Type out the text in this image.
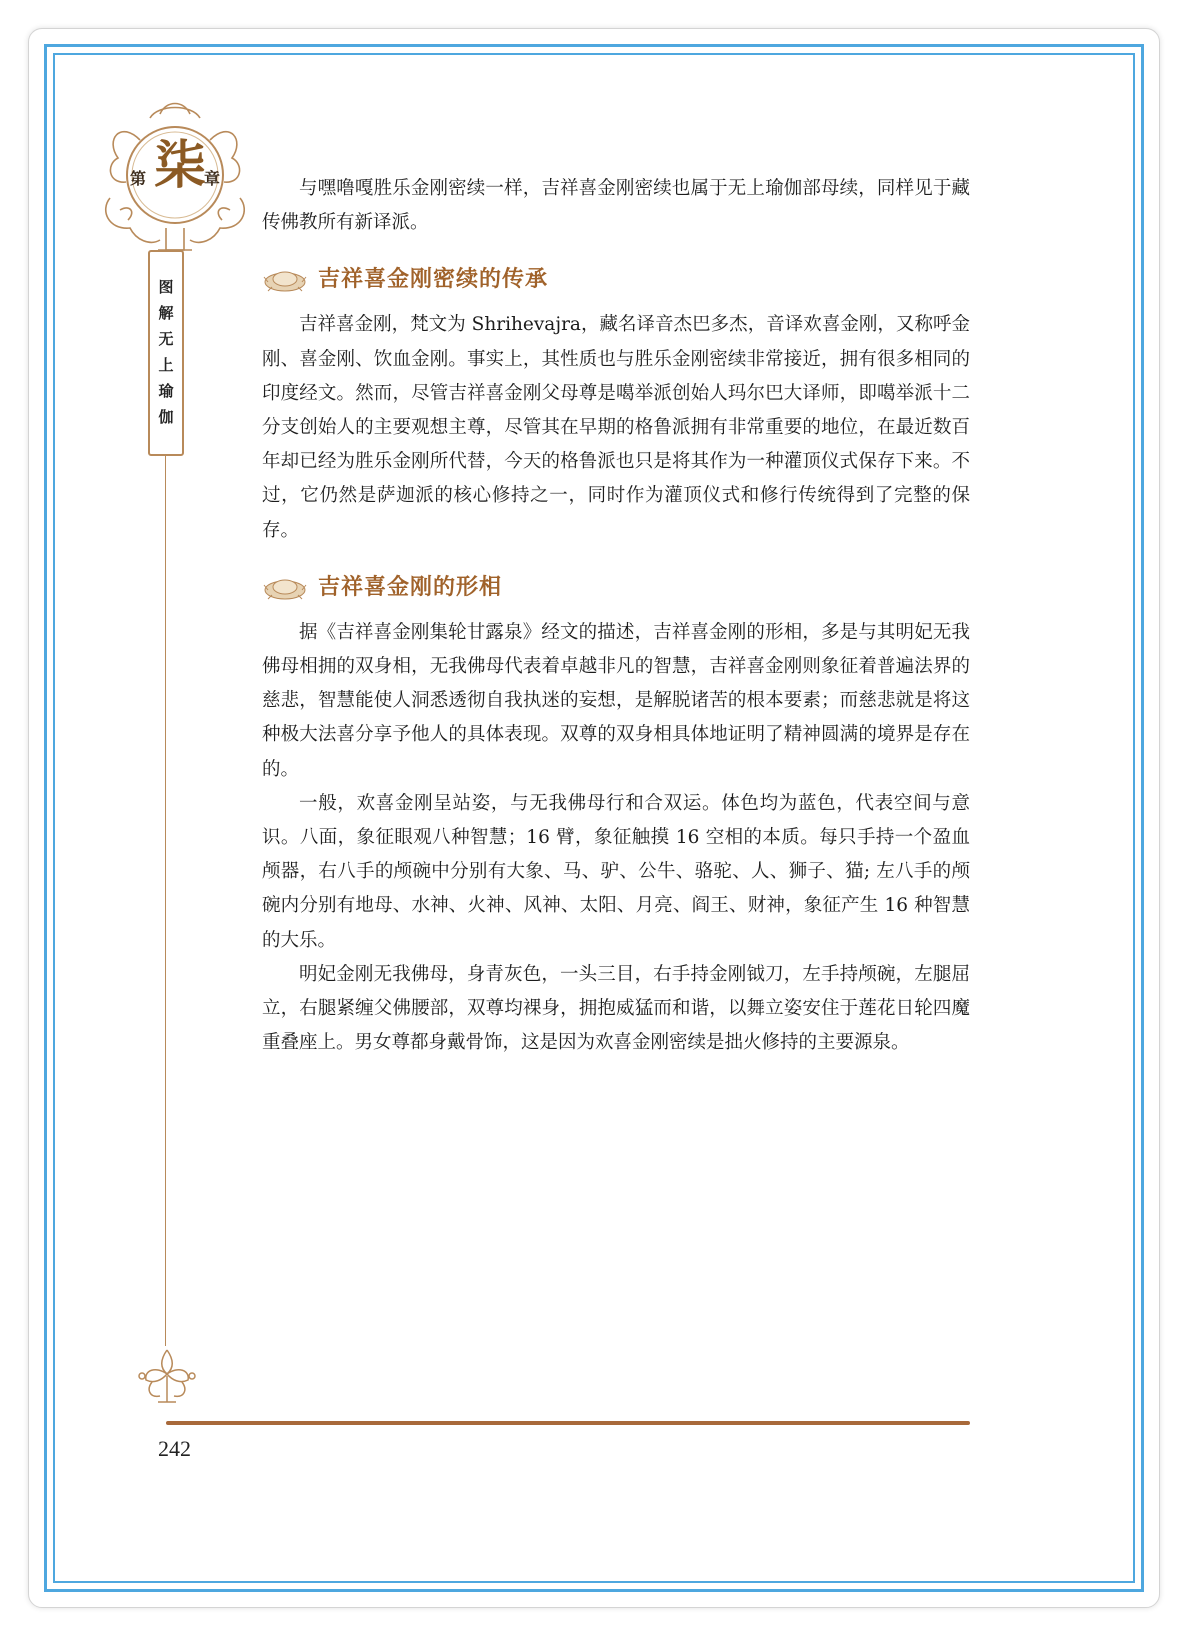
第 柒
章
图
解
无
上
瑜
伽

与嘿噜嘎胜乐金刚密续一样，吉祥喜金刚密续也属于无上瑜伽部母续，同样见于藏传佛教所有新译派。

吉祥喜金刚密续的传承

吉祥喜金刚，梵文为 Shrihevajra，藏名译音杰巴多杰，音译欢喜金刚，又称呼金刚、喜金刚、饮血金刚。事实上，其性质也与胜乐金刚密续非常接近，拥有很多相同的印度经文。然而，尽管吉祥喜金刚父母尊是噶举派创始人玛尔巴大译师，即噶举派十二分支创始人的主要观想主尊，尽管其在早期的格鲁派拥有非常重要的地位，在最近数百年却已经为胜乐金刚所代替，今天的格鲁派也只是将其作为一种灌顶仪式保存下来。不过，它仍然是萨迦派的核心修持之一，同时作为灌顶仪式和修行传统得到了完整的保存。

吉祥喜金刚的形相

据《吉祥喜金刚集轮甘露泉》经文的描述，吉祥喜金刚的形相，多是与其明妃无我佛母相拥的双身相，无我佛母代表着卓越非凡的智慧，吉祥喜金刚则象征着普遍法界的慈悲，智慧能使人洞悉透彻自我执迷的妄想，是解脱诸苦的根本要素；而慈悲就是将这种极大法喜分享予他人的具体表现。双尊的双身相具体地证明了精神圆满的境界是存在的。

一般，欢喜金刚呈站姿，与无我佛母行和合双运。体色均为蓝色，代表空间与意识。八面，象征眼观八种智慧；16 臂，象征触摸 16 空相的本质。每只手持一个盈血颅器，右八手的颅碗中分别有大象、马、驴、公牛、骆驼、人、狮子、猫; 左八手的颅碗内分别有地母、水神、火神、风神、太阳、月亮、阎王、财神，象征产生 16 种智慧的大乐。

明妃金刚无我佛母，身青灰色，一头三目，右手持金刚钺刀，左手持颅碗，左腿屈立，右腿紧缠父佛腰部，双尊均裸身，拥抱威猛而和谐，以舞立姿安住于莲花日轮四魔重叠座上。男女尊都身戴骨饰，这是因为欢喜金刚密续是拙火修持的主要源泉。

242
